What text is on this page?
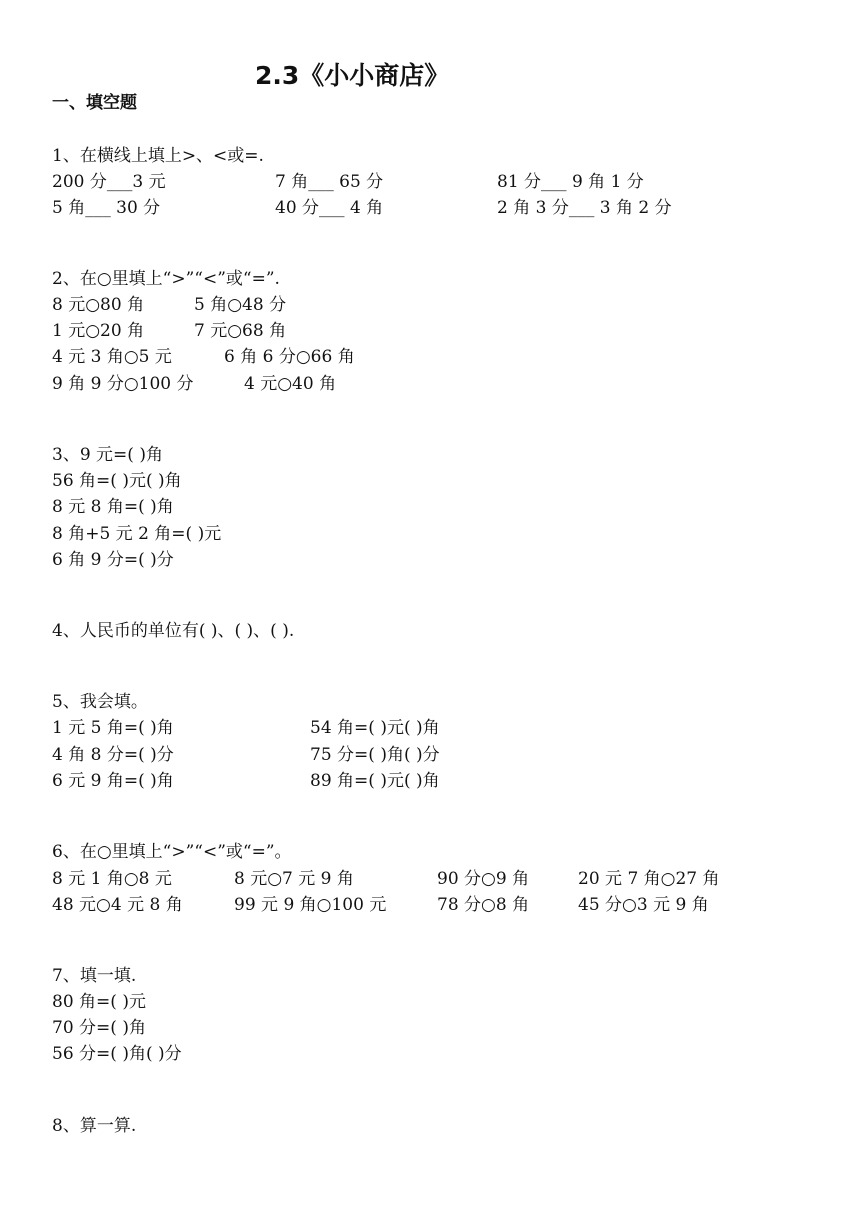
2.3《小小商店》
一、填空题
1、在横线上填上>、<或=.
200 分___3 元	7 角___ 65 分	81 分___ 9 角 1 分
5 角___ 30 分	40 分___ 4 角	2 角 3 分___ 3 角 2 分
2、在○里填上“>”“<”或“=”.
8 元○80 角	5 角○48 分
1 元○20 角	7 元○68 角
4 元 3 角○5 元	6 角 6 分○66 角
9 角 9 分○100 分	4 元○40 角
3、9 元=( )角
56 角=( )元( )角
8 元 8 角=( )角
8 角+5 元 2 角=( )元
6 角 9 分=( )分
4、人民币的单位有( )、( )、( ).
5、我会填。
1 元 5 角=( )角	54 角=( )元( )角
4 角 8 分=( )分	75 分=( )角( )分
6 元 9 角=( )角	89 角=( )元( )角
6、在○里填上“>”“<”或“=”。
8 元 1 角○8 元	8 元○7 元 9 角	90 分○9 角	20 元 7 角○27 角
48 元○4 元 8 角	99 元 9 角○100 元	78 分○8 角	45 分○3 元 9 角
7、填一填.
80 角=( )元
70 分=( )角
56 分=( )角( )分
8、算一算.
